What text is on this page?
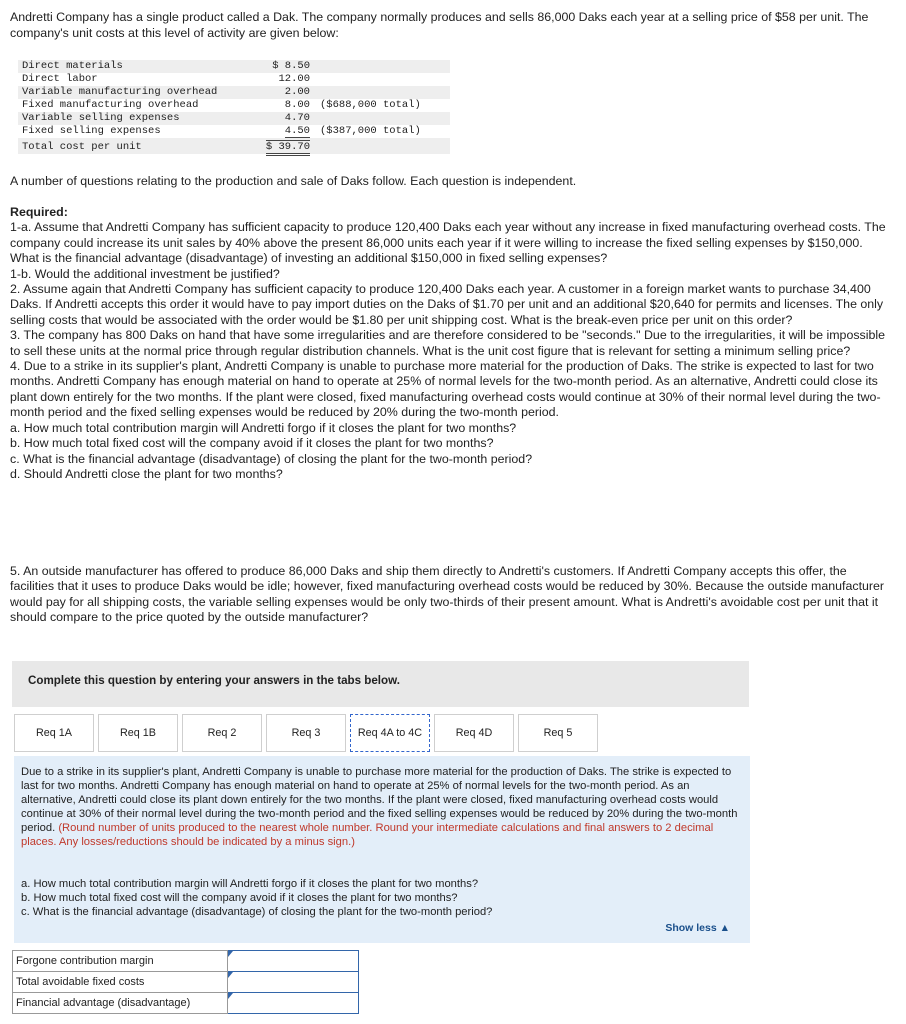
Andretti Company has a single product called a Dak. The company normally produces and sells 86,000 Daks each year at a selling price of $58 per unit. The company's unit costs at this level of activity are given below:
Direct materials	$ 8.50	
Direct labor	12.00	
Variable manufacturing overhead	2.00	
Fixed manufacturing overhead	8.00	($688,000 total)
Variable selling expenses	4.70	
Fixed selling expenses	4.50	($387,000 total)
Total cost per unit	$ 39.70	
A number of questions relating to the production and sale of Daks follow. Each question is independent.
Required:
1-a. Assume that Andretti Company has sufficient capacity to produce 120,400 Daks each year without any increase in fixed manufacturing overhead costs. The company could increase its unit sales by 40% above the present 86,000 units each year if it were willing to increase the fixed selling expenses by $150,000. What is the financial advantage (disadvantage) of investing an additional $150,000 in fixed selling expenses?
1-b. Would the additional investment be justified?
2. Assume again that Andretti Company has sufficient capacity to produce 120,400 Daks each year. A customer in a foreign market wants to purchase 34,400 Daks. If Andretti accepts this order it would have to pay import duties on the Daks of $1.70 per unit and an additional $20,640 for permits and licenses. The only selling costs that would be associated with the order would be $1.80 per unit shipping cost. What is the break-even price per unit on this order?
3. The company has 800 Daks on hand that have some irregularities and are therefore considered to be "seconds." Due to the irregularities, it will be impossible to sell these units at the normal price through regular distribution channels. What is the unit cost figure that is relevant for setting a minimum selling price?
4. Due to a strike in its supplier's plant, Andretti Company is unable to purchase more material for the production of Daks. The strike is expected to last for two months. Andretti Company has enough material on hand to operate at 25% of normal levels for the two-month period. As an alternative, Andretti could close its plant down entirely for the two months. If the plant were closed, fixed manufacturing overhead costs would continue at 30% of their normal level during the two-month period and the fixed selling expenses would be reduced by 20% during the two-month period.
a. How much total contribution margin will Andretti forgo if it closes the plant for two months?
b. How much total fixed cost will the company avoid if it closes the plant for two months?
c. What is the financial advantage (disadvantage) of closing the plant for the two-month period?
d. Should Andretti close the plant for two months?
5. An outside manufacturer has offered to produce 86,000 Daks and ship them directly to Andretti's customers. If Andretti Company accepts this offer, the facilities that it uses to produce Daks would be idle; however, fixed manufacturing overhead costs would be reduced by 30%. Because the outside manufacturer would pay for all shipping costs, the variable selling expenses would be only two-thirds of their present amount. What is Andretti's avoidable cost per unit that it should compare to the price quoted by the outside manufacturer?
Complete this question by entering your answers in the tabs below.
Req 1A	Req 1B	Req 2	Req 3	Req 4A to 4C	Req 4D	Req 5
Due to a strike in its supplier's plant, Andretti Company is unable to purchase more material for the production of Daks. The strike is expected to last for two months. Andretti Company has enough material on hand to operate at 25% of normal levels for the two-month period. As an alternative, Andretti could close its plant down entirely for the two months. If the plant were closed, fixed manufacturing overhead costs would continue at 30% of their normal level during the two-month period and the fixed selling expenses would be reduced by 20% during the two-month period. (Round number of units produced to the nearest whole number. Round your intermediate calculations and final answers to 2 decimal places. Any losses/reductions should be indicated by a minus sign.)
a. How much total contribution margin will Andretti forgo if it closes the plant for two months?
b. How much total fixed cost will the company avoid if it closes the plant for two months?
c. What is the financial advantage (disadvantage) of closing the plant for the two-month period?
Show less ▲
Forgone contribution margin	

Total avoidable fixed costs	

Financial advantage (disadvantage)	
